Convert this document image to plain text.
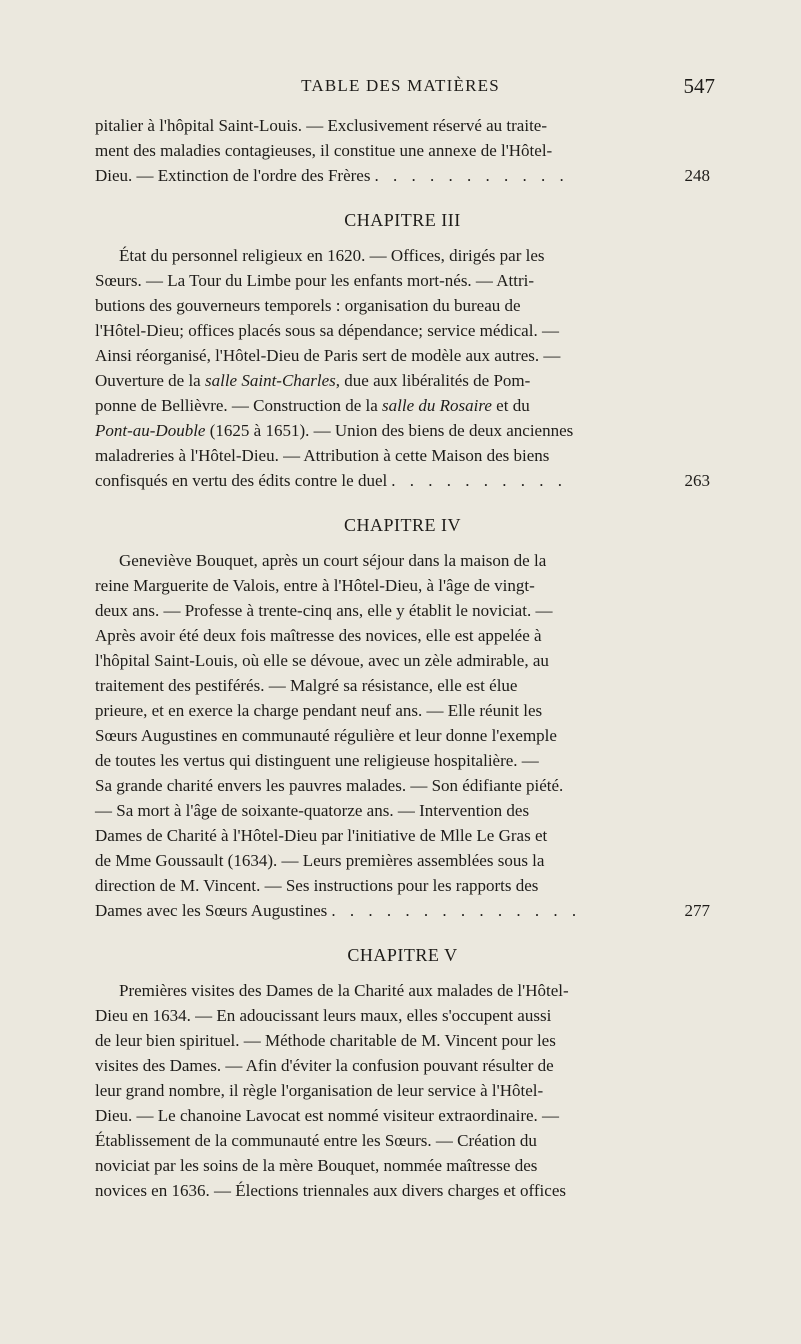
TABLE DES MATIÈRES	547
pitalier à l'hôpital Saint-Louis. — Exclusivement réservé au traite-
ment des maladies contagieuses, il constitue une annexe de l'Hôtel-
Dieu. — Extinction de l'ordre des Frères . . . . . . . . . . .	248
CHAPITRE III
État du personnel religieux en 1620. — Offices, dirigés par les
Sœurs. — La Tour du Limbe pour les enfants mort-nés. — Attri-
butions des gouverneurs temporels : organisation du bureau de
l'Hôtel-Dieu; offices placés sous sa dépendance; service médical. —
Ainsi réorganisé, l'Hôtel-Dieu de Paris sert de modèle aux autres. —
Ouverture de la salle Saint-Charles, due aux libéralités de Pom-
ponne de Bellièvre. — Construction de la salle du Rosaire et du
Pont-au-Double (1625 à 1651). — Union des biens de deux anciennes
maladreries à l'Hôtel-Dieu. — Attribution à cette Maison des biens
confisqués en vertu des édits contre le duel . . . . . . . . . .	263
CHAPITRE IV
Geneviève Bouquet, après un court séjour dans la maison de la
reine Marguerite de Valois, entre à l'Hôtel-Dieu, à l'âge de vingt-
deux ans. — Professe à trente-cinq ans, elle y établit le noviciat. —
Après avoir été deux fois maîtresse des novices, elle est appelée à
l'hôpital Saint-Louis, où elle se dévoue, avec un zèle admirable, au
traitement des pestiférés. — Malgré sa résistance, elle est élue
prieure, et en exerce la charge pendant neuf ans. — Elle réunit les
Sœurs Augustines en communauté régulière et leur donne l'exemple
de toutes les vertus qui distinguent une religieuse hospitalière. —
Sa grande charité envers les pauvres malades. — Son édifiante piété.
— Sa mort à l'âge de soixante-quatorze ans. — Intervention des
Dames de Charité à l'Hôtel-Dieu par l'initiative de Mlle Le Gras et
de Mme Goussault (1634). — Leurs premières assemblées sous la
direction de M. Vincent. — Ses instructions pour les rapports des
Dames avec les Sœurs Augustines . . . . . . . . . . . . . .	277
CHAPITRE V
Premières visites des Dames de la Charité aux malades de l'Hôtel-
Dieu en 1634. — En adoucissant leurs maux, elles s'occupent aussi
de leur bien spirituel. — Méthode charitable de M. Vincent pour les
visites des Dames. — Afin d'éviter la confusion pouvant résulter de
leur grand nombre, il règle l'organisation de leur service à l'Hôtel-
Dieu. — Le chanoine Lavocat est nommé visiteur extraordinaire. —
Établissement de la communauté entre les Sœurs. — Création du
noviciat par les soins de la mère Bouquet, nommée maîtresse des
novices en 1636. — Élections triennales aux divers charges et offices
